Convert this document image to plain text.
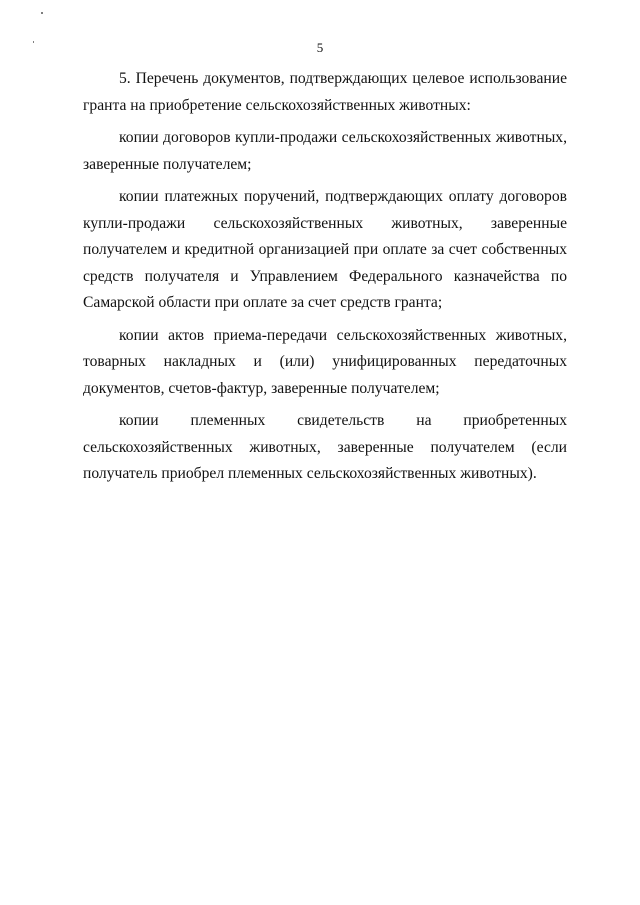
5

5. Перечень документов, подтверждающих целевое использование гранта на приобретение сельскохозяйственных животных:

копии договоров купли-продажи сельскохозяйственных животных, заверенные получателем;

копии платежных поручений, подтверждающих оплату договоров купли-продажи сельскохозяйственных животных, заверенные получателем и кредитной организацией при оплате за счет собственных средств получателя и Управлением Федерального казначейства по Самарской области при оплате за счет средств гранта;

копии актов приема-передачи сельскохозяйственных животных, товарных накладных и (или) унифицированных передаточных документов, счетов-фактур, заверенные получателем;

копии племенных свидетельств на приобретенных сельскохозяйственных животных, заверенные получателем (если получатель приобрел племенных сельскохозяйственных животных).
